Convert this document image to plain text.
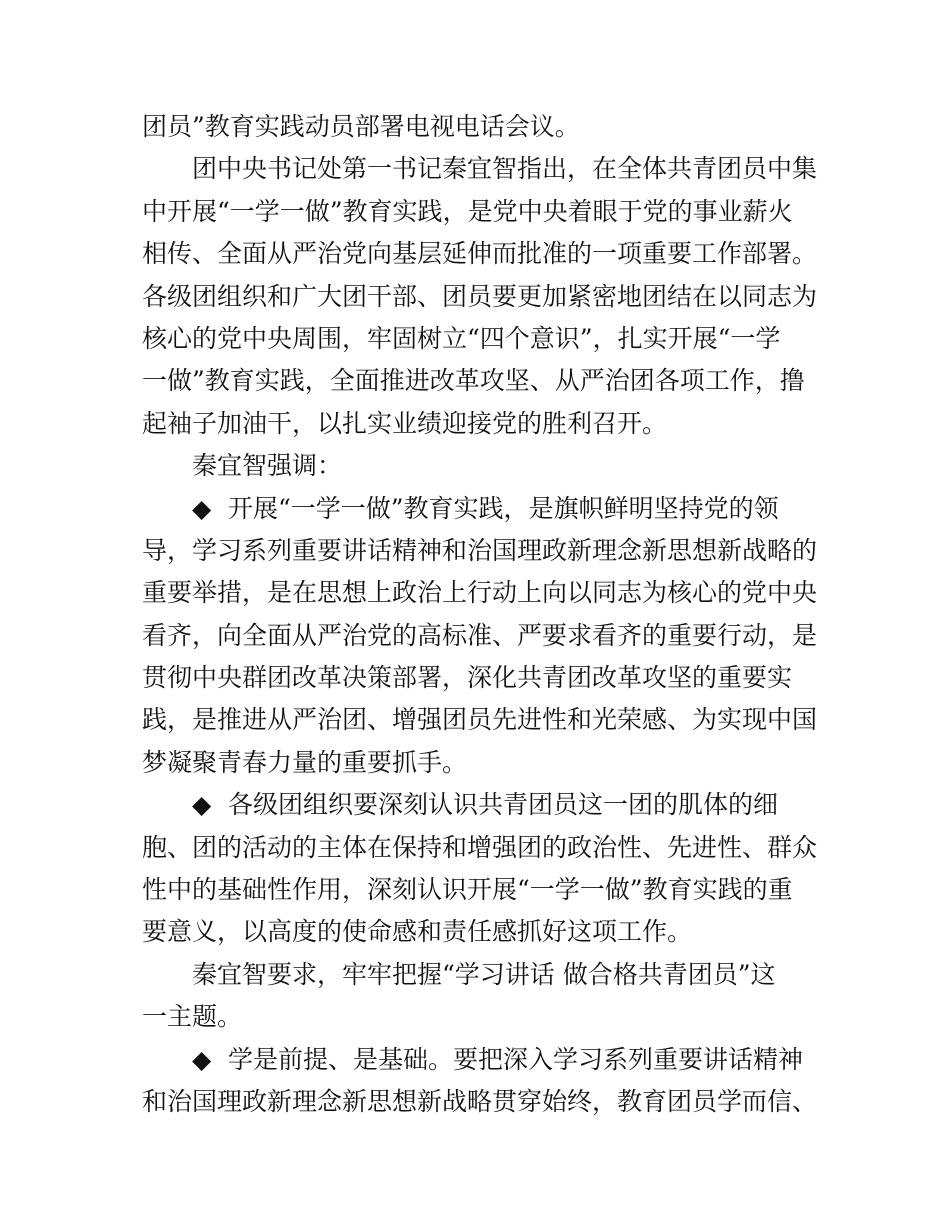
团员”教育实践动员部署电视电话会议。
团中央书记处第一书记秦宜智指出，在全体共青团员中集
中开展“一学一做”教育实践，是党中央着眼于党的事业薪火
相传、全面从严治党向基层延伸而批准的一项重要工作部署。
各级团组织和广大团干部、团员要更加紧密地团结在以同志为
核心的党中央周围，牢固树立“四个意识”，扎实开展“一学
一做”教育实践，全面推进改革攻坚、从严治团各项工作，撸
起袖子加油干，以扎实业绩迎接党的胜利召开。
秦宜智强调：
◆ 开展“一学一做”教育实践，是旗帜鲜明坚持党的领
导，学习系列重要讲话精神和治国理政新理念新思想新战略的
重要举措，是在思想上政治上行动上向以同志为核心的党中央
看齐，向全面从严治党的高标准、严要求看齐的重要行动，是
贯彻中央群团改革决策部署，深化共青团改革攻坚的重要实
践，是推进从严治团、增强团员先进性和光荣感、为实现中国
梦凝聚青春力量的重要抓手。
◆ 各级团组织要深刻认识共青团员这一团的肌体的细
胞、团的活动的主体在保持和增强团的政治性、先进性、群众
性中的基础性作用，深刻认识开展“一学一做”教育实践的重
要意义，以高度的使命感和责任感抓好这项工作。
秦宜智要求，牢牢把握“学习讲话 做合格共青团员”这
一主题。
◆ 学是前提、是基础。要把深入学习系列重要讲话精神
和治国理政新理念新思想新战略贯穿始终，教育团员学而信、
